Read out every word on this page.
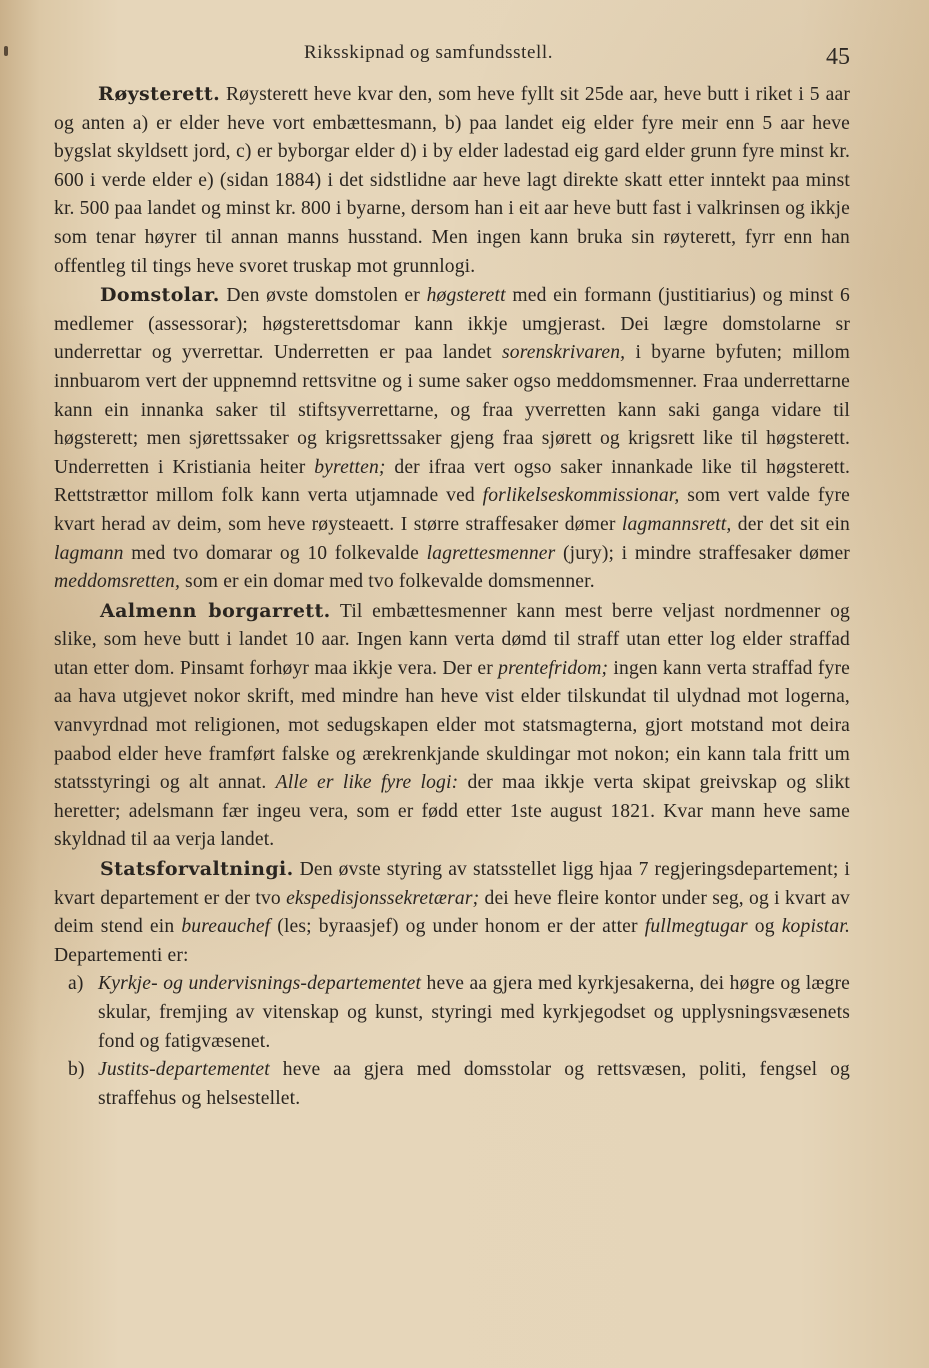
Riksskipnad og samfundsstell.	45

Røysterett. Røysterett heve kvar den, som heve fyllt sit 25de aar, heve butt i riket i 5 aar og anten a) er elder heve vort embættesmann, b) paa landet eig elder fyre meir enn 5 aar heve bygslat skyldsett jord, c) er byborgar elder d) i by elder ladestad eig gard elder grunn fyre minst kr. 600 i verde elder e) (sidan 1884) i det sidstlidne aar heve lagt direkte skatt etter inntekt paa minst kr. 500 paa landet og minst kr. 800 i byarne, dersom han i eit aar heve butt fast i valkrinsen og ikkje som tenar høyrer til annan manns husstand. Men ingen kann bruka sin røyterett, fyrr enn han offentleg til tings heve svoret truskap mot grunnlogi.

Domstolar. Den øvste domstolen er høgsterett med ein formann (justitiarius) og minst 6 medlemer (assessorar); høgsterettsdomar kann ikkje umgjerast. Dei lægre domstolarne sr underrettar og yverrettar. Underretten er paa landet sorenskrivaren, i byarne byfuten; millom innbuarom vert der uppnemnd rettsvitne og i sume saker ogso meddomsmenner. Fraa underrettarne kann ein innanka saker til stiftsyverrettarne, og fraa yverretten kann saki ganga vidare til høgsterett; men sjørettssaker og krigsrettssaker gjeng fraa sjørett og krigsrett like til høgsterett. Underretten i Kristiania heiter byretten; der ifraa vert ogso saker innankade like til høgsterett. Rettstrættor millom folk kann verta utjamnade ved forlikelseskommissionar, som vert valde fyre kvart herad av deim, som heve røysteaett. I større straffesaker dømer lagmannsrett, der det sit ein lagmann med tvo domarar og 10 folkevalde lagrettesmenner (jury); i mindre straffesaker dømer meddomsretten, som er ein domar med tvo folkevalde domsmenner.

Aalmenn borgarrett. Til embættesmenner kann mest berre veljast nordmenner og slike, som heve butt i landet 10 aar. Ingen kann verta dømd til straff utan etter log elder straffad utan etter dom. Pinsamt forhøyr maa ikkje vera. Der er prentefridom; ingen kann verta straffad fyre aa hava utgjevet nokor skrift, med mindre han heve vist elder tilskundat til ulydnad mot logerna, vanvyrdnad mot religionen, mot sedugskapen elder mot statsmagterna, gjort motstand mot deira paabod elder heve framført falske og ærekrenkjande skuldingar mot nokon; ein kann tala fritt um statsstyringi og alt annat. Alle er like fyre logi: der maa ikkje verta skipat greivskap og slikt heretter; adelsmann fær ingeu vera, som er fødd etter 1ste august 1821. Kvar mann heve same skyldnad til aa verja landet.

Statsforvaltningi. Den øvste styring av statsstellet ligg hjaa 7 regjeringsdepartement; i kvart departement er der tvo ekspedisjonssekretærar; dei heve fleire kontor under seg, og i kvart av deim stend ein bureauchef (les; byraasjef) og under honom er der atter fullmegtugar og kopistar. Departementi er:

a) Kyrkje- og undervisnings-departementet heve aa gjera med kyrkjesakerna, dei høgre og lægre skular, fremjing av vitenskap og kunst, styringi med kyrkjegodset og upplysningsvæsenets fond og fatigvæsenet.
b) Justits-departementet heve aa gjera med domsstolar og rettsvæsen, politi, fengsel og straffehus og helsestellet.
